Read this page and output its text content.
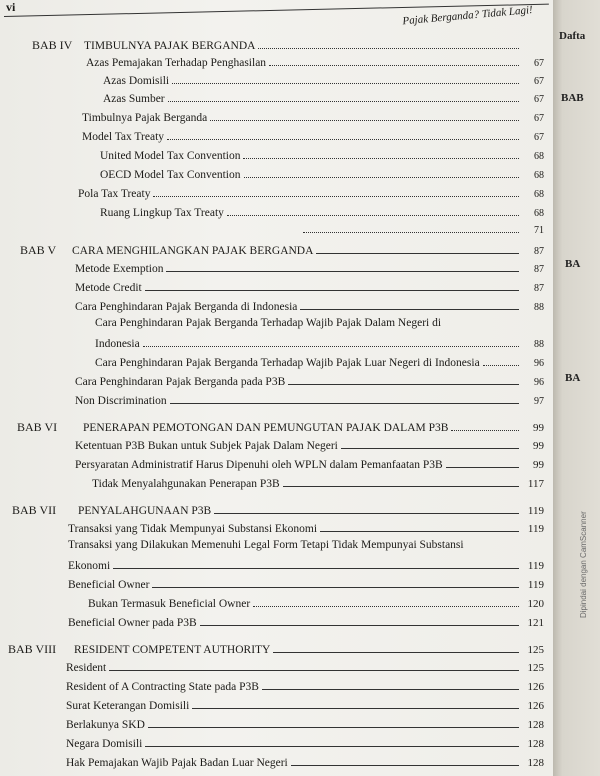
vi	Pajak Berganda? Tidak Lagi!
BAB IV	TIMBULNYA PAJAK BERGANDA
Azas Pemajakan Terhadap Penghasilan	67
Azas Domisili	67
Azas Sumber	67
Timbulnya Pajak Berganda	67
Model Tax Treaty	67
United Model Tax Convention	68
OECD Model Tax Convention	68
Pola Tax Treaty	68
Ruang Lingkup Tax Treaty	68
71
BAB V	CARA MENGHILANGKAN PAJAK BERGANDA	87
Metode Exemption	87
Metode Credit	87
Cara Penghindaran Pajak Berganda di Indonesia	88
Cara Penghindaran Pajak Berganda Terhadap Wajib Pajak Dalam Negeri di
Indonesia	88
Cara Penghindaran Pajak Berganda Terhadap Wajib Pajak Luar Negeri di Indonesia	96
Cara Penghindaran Pajak Berganda pada P3B	96
Non Discrimination	97
BAB VI	PENERAPAN PEMOTONGAN DAN PEMUNGUTAN PAJAK DALAM P3B	99
Ketentuan P3B Bukan untuk Subjek Pajak Dalam Negeri	99
Persyaratan Administratif Harus Dipenuhi oleh WPLN dalam Pemanfaatan P3B	99
Tidak Menyalahgunakan Penerapan P3B	117
BAB VII	PENYALAHGUNAAN P3B	119
Transaksi yang Tidak Mempunyai Substansi Ekonomi	119
Transaksi yang Dilakukan Memenuhi Legal Form Tetapi Tidak Mempunyai Substansi
Ekonomi	119
Beneficial Owner	119
Bukan Termasuk Beneficial Owner	120
Beneficial Owner pada P3B	121
BAB VIII	RESIDENT COMPETENT AUTHORITY	125
Resident	125
Resident of A Contracting State pada P3B	126
Surat Keterangan Domisili	126
Berlakunya SKD	128
Negara Domisili	128
Hak Pemajakan Wajib Pajak Badan Luar Negeri	128
Dafta
BAB
BA
BA
Dipindai dengan CamScanner
